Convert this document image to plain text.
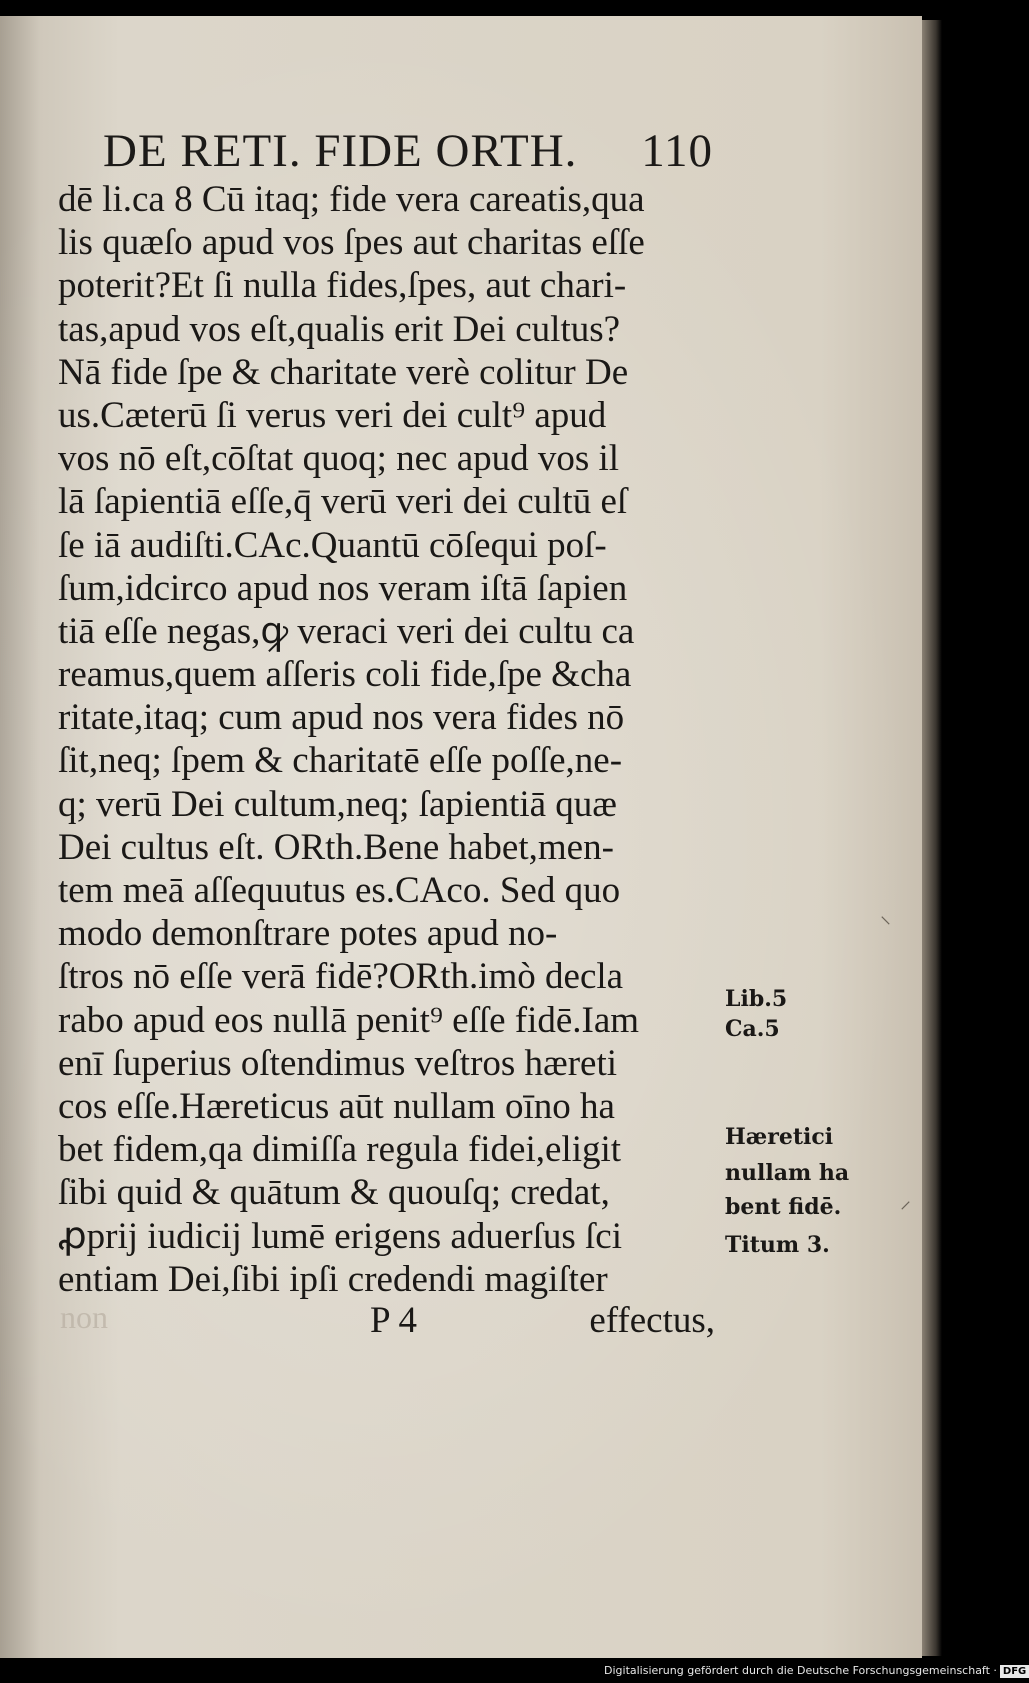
DE RETI. FIDE ORTH. 110
dē li.ca 8 Cū itaq; fide vera careatis,qua
lis quæſo apud vos ſpes aut charitas eſſe
poterit?Et ſi nulla fides,ſpes, aut chari-
tas,apud vos eſt,qualis erit Dei cultus?
Nā fide ſpe & charitate verè colitur De
us.Cæterū ſi verus veri dei cult⁹ apud
vos nō eſt,cōſtat quoq; nec apud vos il
lā ſapientiā eſſe,q̄ verū veri dei cultū eſ
ſe iā audiſti.CAc.Quantū cōſequi poſ-
ſum,idcirco apud nos veram iſtā ſapien
tiā eſſe negas,ꝙ veraci veri dei cultu ca
reamus,quem aſſeris coli fide,ſpe &cha
ritate,itaq; cum apud nos vera fides nō
ſit,neq; ſpem & charitatē eſſe poſſe,ne-
q; verū Dei cultum,neq; ſapientiā quæ
Dei cultus eſt. ORth.Bene habet,men-
tem meā aſſequutus es.CAco. Sed quo
modo demonſtrare potes apud no-
ſtros nō eſſe verā fidē?ORth.imò decla
rabo apud eos nullā penit⁹ eſſe fidē.Iam
enī ſuperius oſtendimus veſtros hæreti
cos eſſe.Hæreticus aūt nullam oīno ha
bet fidem,qa dimiſſa regula fidei,eligit
ſibi quid & quātum & quouſq; credat,
ꝓprij iudicij lumē erigens aduerſus ſci
entiam Dei,ſibi ipſi credendi magiſter
non	P 4	effectus,
Lib.5
Ca.5
Hæretici
nullam ha
bent fidē.
Titum 3.
⸌
⸍
Digitalisierung gefördert durch die Deutsche Forschungsgemeinschaft · DFG
